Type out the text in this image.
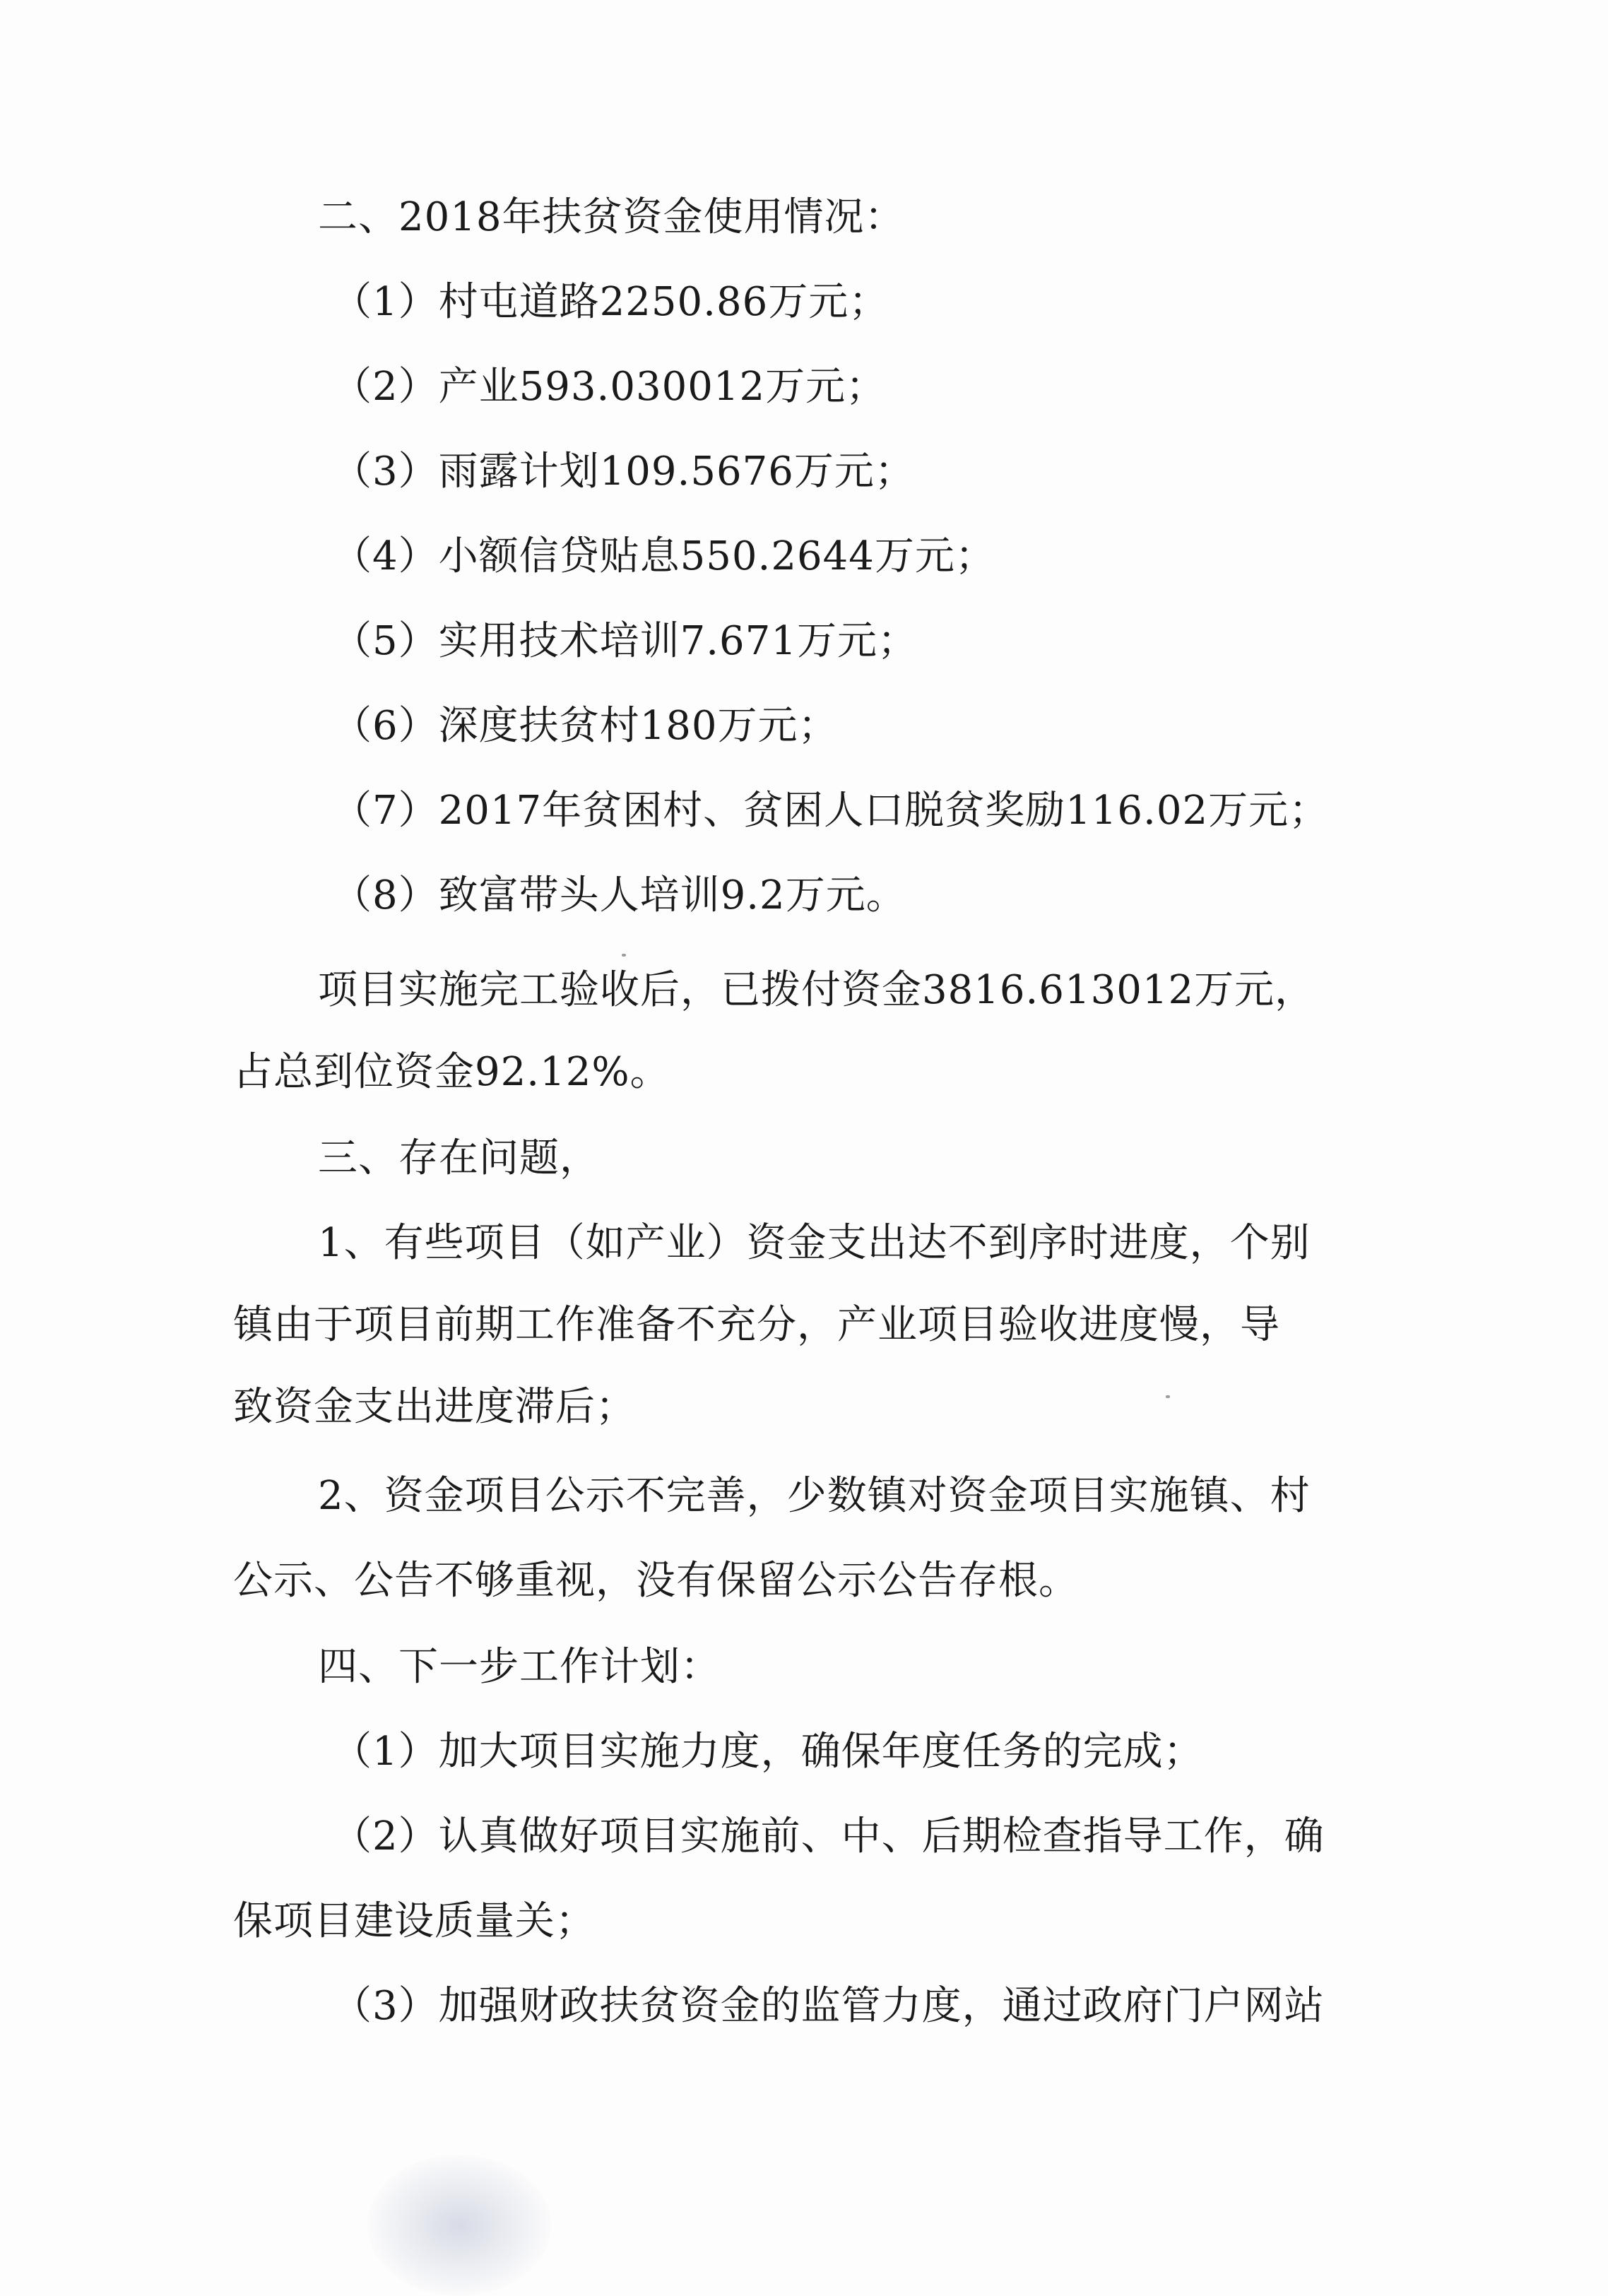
二、2018年扶贫资金使用情况：
（1）村屯道路2250.86万元；
（2）产业593.030012万元；
（3）雨露计划109.5676万元；
（4）小额信贷贴息550.2644万元；
（5）实用技术培训7.671万元；
（6）深度扶贫村180万元；
（7）2017年贫困村、贫困人口脱贫奖励116.02万元；
（8）致富带头人培训9.2万元。
项目实施完工验收后，已拨付资金3816.613012万元，
占总到位资金92.12%。
三、存在问题，
1、有些项目（如产业）资金支出达不到序时进度，个别
镇由于项目前期工作准备不充分，产业项目验收进度慢，导
致资金支出进度滞后；
2、资金项目公示不完善，少数镇对资金项目实施镇、村
公示、公告不够重视，没有保留公示公告存根。
四、下一步工作计划：
（1）加大项目实施力度，确保年度任务的完成；
（2）认真做好项目实施前、中、后期检查指导工作，确
保项目建设质量关；
（3）加强财政扶贫资金的监管力度，通过政府门户网站
